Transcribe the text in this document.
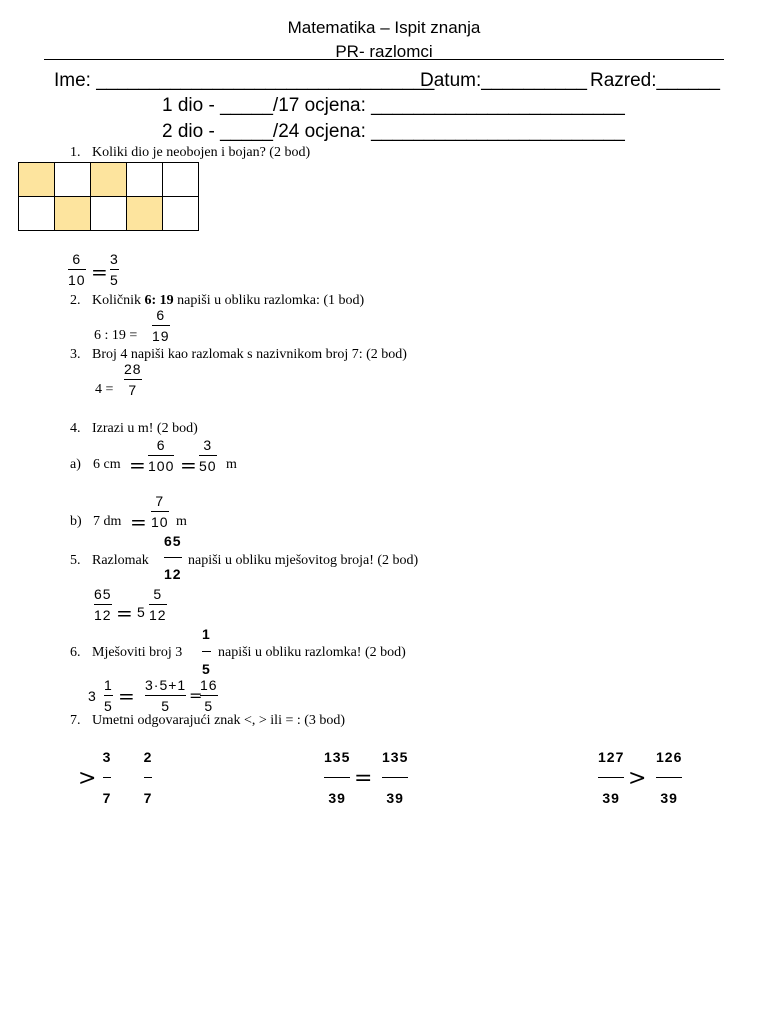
Matematika – Ispit znanja
PR- razlomci
Ime: ________________________________
Datum:__________ Razred:______
1 dio - _____/17 ocjena: ________________________
2 dio - _____/24 ocjena: ________________________
1. Koliki dio je neobojen i bojan? (2 bod)

6
10 =
3
5
2. Količnik 6: 19 napiši u obliku razlomka: (1 bod)
6 : 19 =
6
19
3. Broj 4 napiši kao razlomak s nazivnikom broj 7: (2 bod)
4 =
28
7
4. Izrazi u m! (2 bod)
a) 6 cm =
6
100 =
3
50 m
b) 7 dm =
7
10 m
5. Razlomak
65
12
napiši u obliku mješovitog broja! (2 bod)
65
12 = 5
5
12
6. Mješoviti broj 3
1
5
napiši u obliku razlomka! (2 bod)
3
1
5 = 3·5+1
5
=
16
5
7. Umetni odgovarajući znak <, > ili = : (3 bod)
>
3
7
2
7
135
39
=
135
39
127
39
>
126
39
